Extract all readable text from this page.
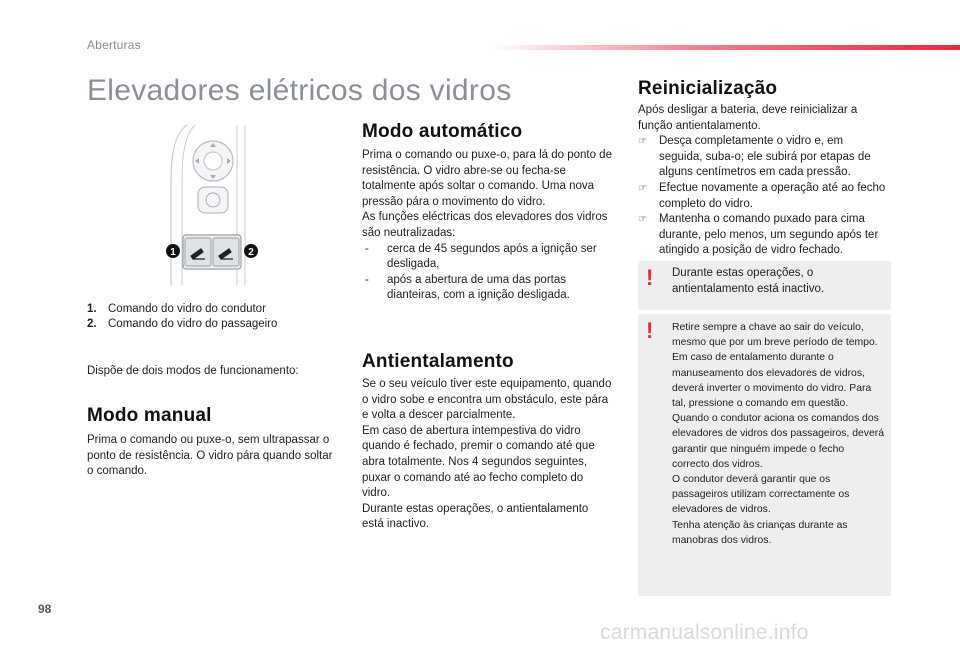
Aberturas
Elevadores elétricos dos vidros
1	2
1. Comando do vidro do condutor
2. Comando do vidro do passageiro
Dispõe de dois modos de funcionamento:
Modo manual
Prima o comando ou puxe-o, sem ultrapassar o ponto de resistência. O vidro pára quando soltar o comando.
Modo automático
Prima o comando ou puxe-o, para lá do ponto de resistência. O vidro abre-se ou fecha-se totalmente após soltar o comando. Uma nova pressão pára o movimento do vidro.
As funções eléctricas dos elevadores dos vidros são neutralizadas:
-	cerca de 45 segundos após a ignição ser desligada,
-	após a abertura de uma das portas dianteiras, com a ignição desligada.
Antientalamento
Se o seu veículo tiver este equipamento, quando o vidro sobe e encontra um obstáculo, este pára e volta a descer parcialmente.
Em caso de abertura intempestiva do vidro quando é fechado, premir o comando até que abra totalmente. Nos 4 segundos seguintes, puxar o comando até ao fecho completo do vidro.
Durante estas operações, o antientalamento está inactivo.
Reinicialização
Após desligar a bateria, deve reinicializar a função antientalamento.
☞	Desça completamente o vidro e, em seguida, suba-o; ele subirá por etapas de alguns centímetros em cada pressão.
☞	Efectue novamente a operação até ao fecho completo do vidro.
☞	Mantenha o comando puxado para cima durante, pelo menos, um segundo após ter atingido a posição de vidro fechado.
! Durante estas operações, o antientalamento está inactivo.
! Retire sempre a chave ao sair do veículo, mesmo que por um breve período de tempo.
Em caso de entalamento durante o manuseamento dos elevadores de vidros, deverá inverter o movimento do vidro. Para tal, pressione o comando em questão.
Quando o condutor aciona os comandos dos elevadores de vidros dos passageiros, deverá garantir que ninguém impede o fecho correcto dos vidros.
O condutor deverá garantir que os passageiros utilizam correctamente os elevadores de vidros.
Tenha atenção às crianças durante as manobras dos vidros.
98
carmanualsonline.info
